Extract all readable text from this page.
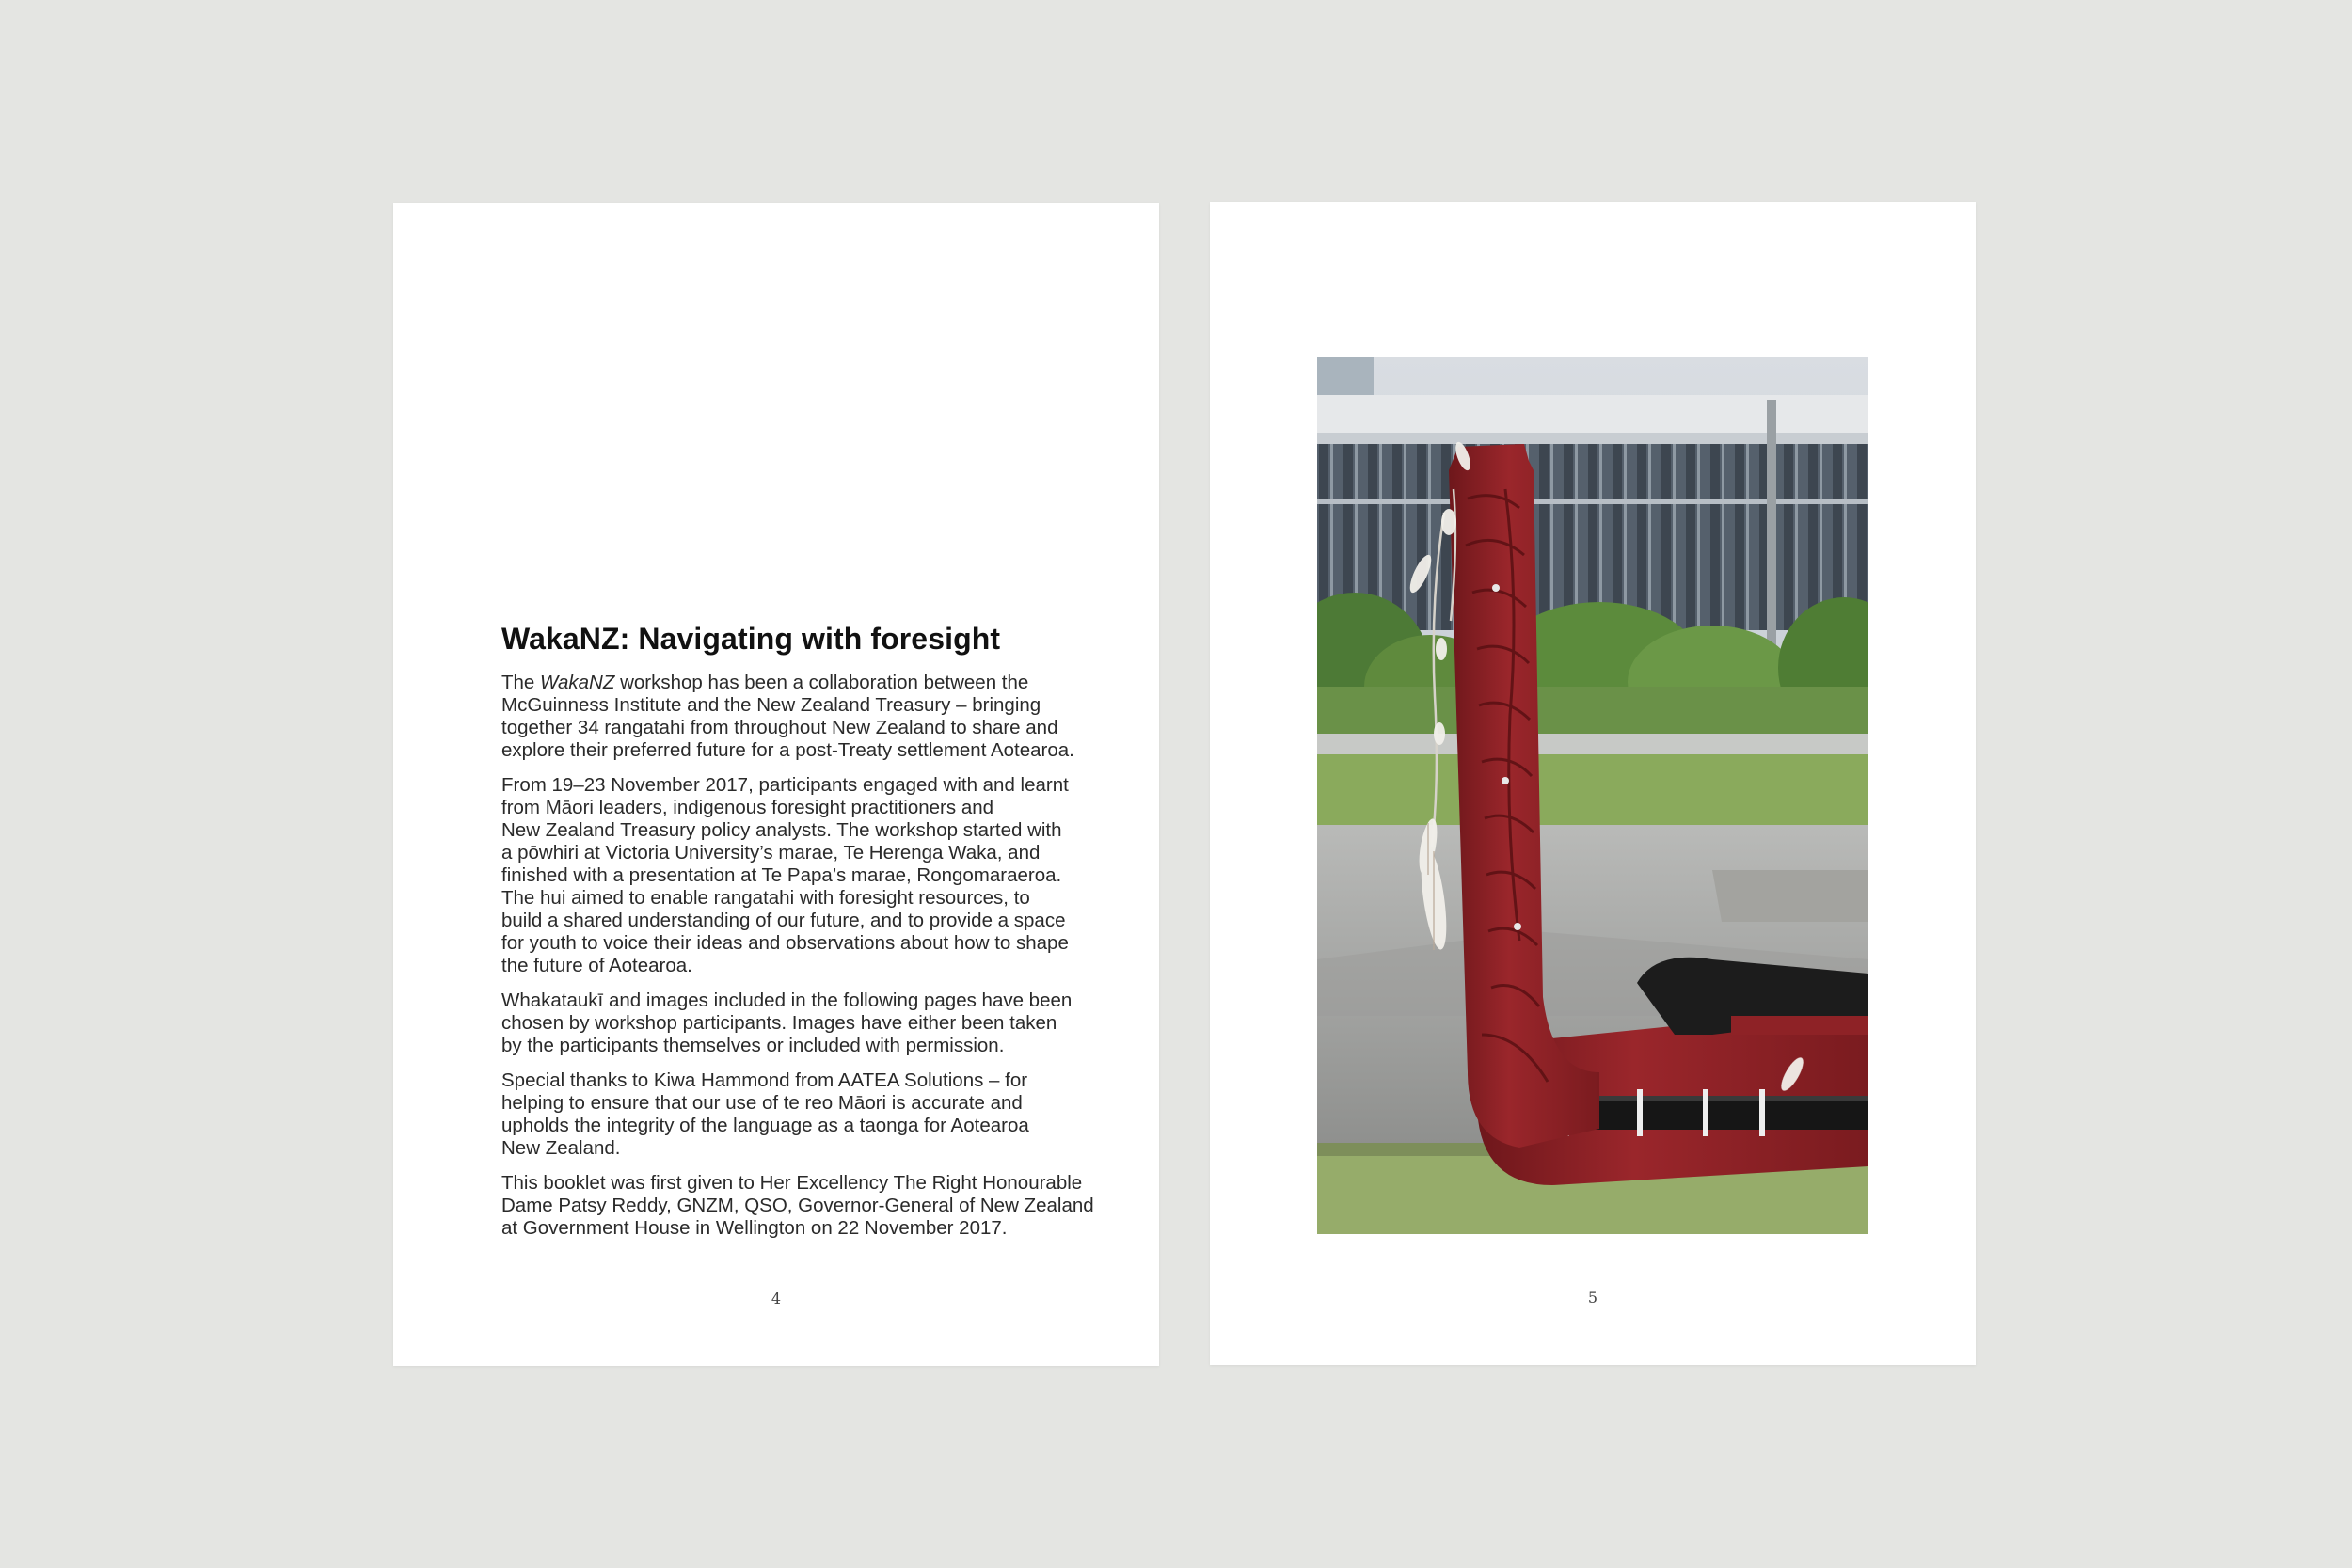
WakaNZ: Navigating with foresight

The WakaNZ workshop has been a collaboration between the
McGuinness Institute and the New Zealand Treasury – bringing
together 34 rangatahi from throughout New Zealand to share and
explore their preferred future for a post-Treaty settlement Aotearoa.

From 19–23 November 2017, participants engaged with and learnt
from Māori leaders, indigenous foresight practitioners and
New Zealand Treasury policy analysts. The workshop started with
a pōwhiri at Victoria University’s marae, Te Herenga Waka, and
finished with a presentation at Te Papa’s marae, Rongomaraeroa.
The hui aimed to enable rangatahi with foresight resources, to
build a shared understanding of our future, and to provide a space
for youth to voice their ideas and observations about how to shape
the future of Aotearoa.

Whakataukī and images included in the following pages have been
chosen by workshop participants. Images have either been taken
by the participants themselves or included with permission.

Special thanks to Kiwa Hammond from AATEA Solutions – for
helping to ensure that our use of te reo Māori is accurate and
upholds the integrity of the language as a taonga for Aotearoa
New Zealand.

This booklet was first given to Her Excellency The Right Honourable
Dame Patsy Reddy, GNZM, QSO, Governor-General of New Zealand
at Government House in Wellington on 22 November 2017.

4	5
